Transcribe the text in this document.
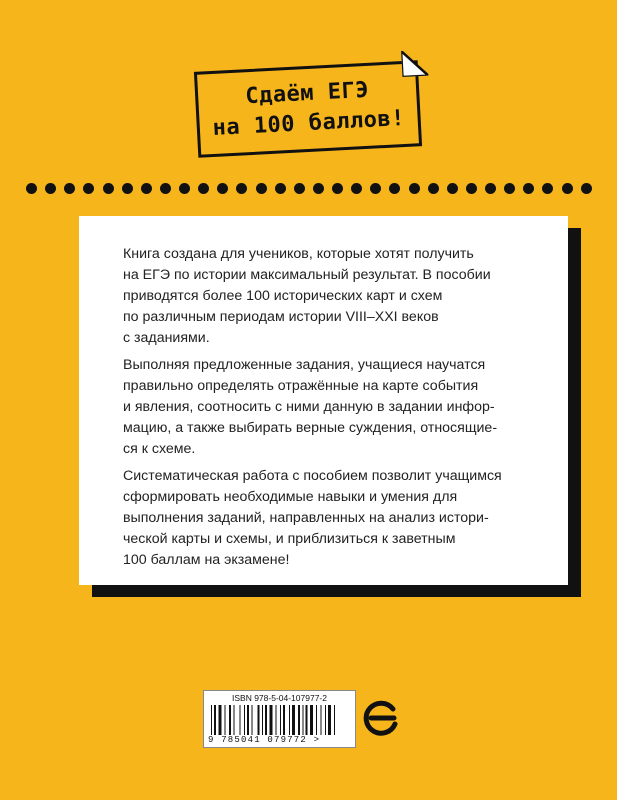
Сдаём ЕГЭ
на 100 баллов!

Книга создана для учеников, которые хотят получить
на ЕГЭ по истории максимальный результат. В пособии
приводятся более 100 исторических карт и схем
по различным периодам истории VIII–XXI веков
с заданиями.

Выполняя предложенные задания, учащиеся научатся
правильно определять отражённые на карте события
и явления, соотносить с ними данную в задании инфор-
мацию, а также выбирать верные суждения, относящие-
ся к схеме.

Систематическая работа с пособием позволит учащимся
сформировать необходимые навыки и умения для
выполнения заданий, направленных на анализ истори-
ческой карты и схемы, и приблизиться к заветным
100 баллам на экзамене!

ISBN 978-5-04-107977-2
9 785041 079772 >
